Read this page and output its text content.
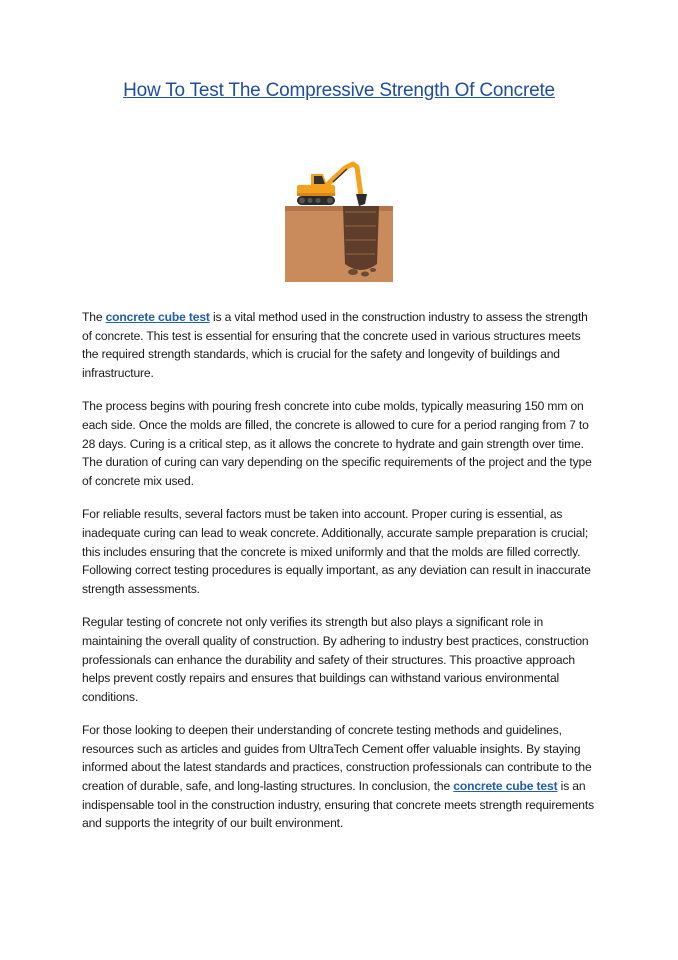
How To Test The Compressive Strength Of Concrete

The concrete cube test is a vital method used in the construction industry to assess the strength of concrete. This test is essential for ensuring that the concrete used in various structures meets the required strength standards, which is crucial for the safety and longevity of buildings and infrastructure.

The process begins with pouring fresh concrete into cube molds, typically measuring 150 mm on each side. Once the molds are filled, the concrete is allowed to cure for a period ranging from 7 to 28 days. Curing is a critical step, as it allows the concrete to hydrate and gain strength over time. The duration of curing can vary depending on the specific requirements of the project and the type of concrete mix used.

For reliable results, several factors must be taken into account. Proper curing is essential, as inadequate curing can lead to weak concrete. Additionally, accurate sample preparation is crucial; this includes ensuring that the concrete is mixed uniformly and that the molds are filled correctly. Following correct testing procedures is equally important, as any deviation can result in inaccurate strength assessments.

Regular testing of concrete not only verifies its strength but also plays a significant role in maintaining the overall quality of construction. By adhering to industry best practices, construction professionals can enhance the durability and safety of their structures. This proactive approach helps prevent costly repairs and ensures that buildings can withstand various environmental conditions.

For those looking to deepen their understanding of concrete testing methods and guidelines, resources such as articles and guides from UltraTech Cement offer valuable insights. By staying informed about the latest standards and practices, construction professionals can contribute to the creation of durable, safe, and long-lasting structures. In conclusion, the concrete cube test is an indispensable tool in the construction industry, ensuring that concrete meets strength requirements and supports the integrity of our built environment.
